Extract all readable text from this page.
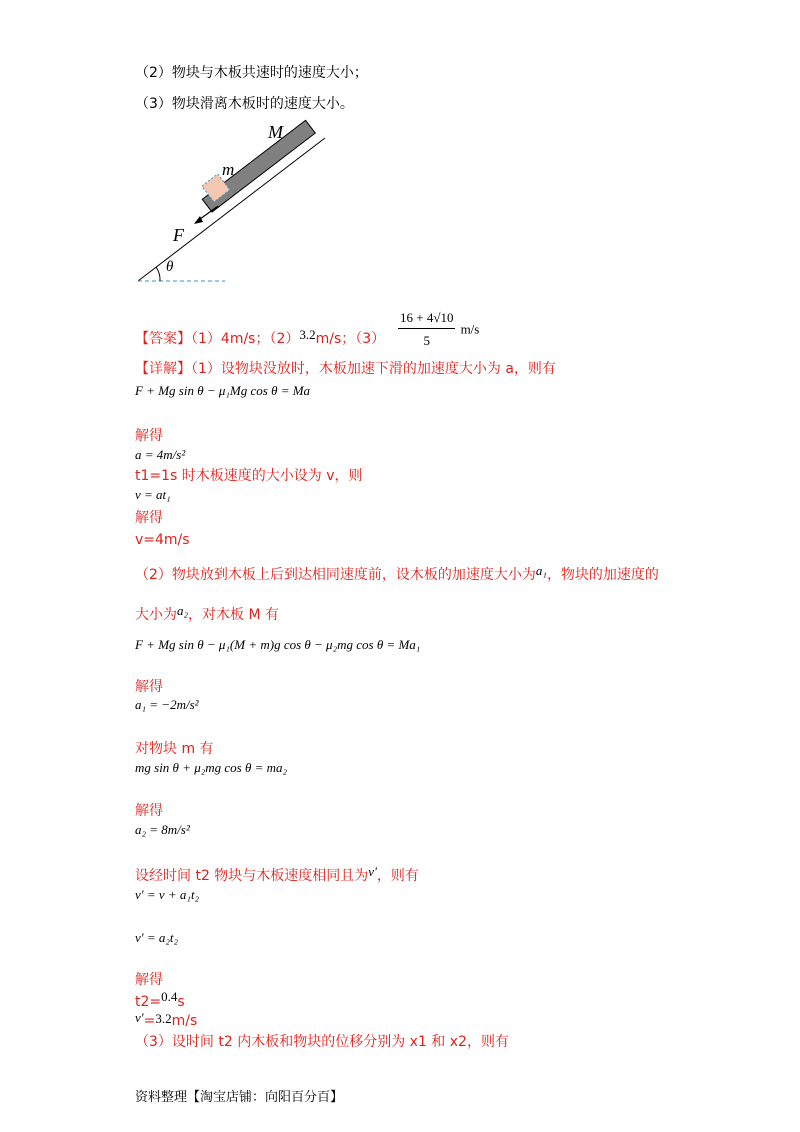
（2）物块与木板共速时的速度大小；
（3）物块滑离木板时的速度大小。
M
m
F
θ
【答案】（1）4m/s；（2）3.2m/s；$(3) \frac{16 + 4√10}{5} m/s$
【详解】（1）设物块没放时，木板加速下滑的加速度大小为 a，则有
F + Mg sin θ − μ₁Mg cos θ = Ma
解得
a = 4m/s²
t1=1s 时木板速度的大小设为 v，则
v = at₁
解得
v=4m/s
（2）物块放到木板上后到达相同速度前，设木板的加速度大小为a₁，物块的加速度的
大小为a₂，对木板 M 有
F + Mg sin θ − μ₁(M + m)g cos θ − μ₂mg cos θ = Ma₁
解得
a₁ = −2m/s²
对物块 m 有
mg sin θ + μ₂mg cos θ = ma₂
解得
a₂ = 8m/s²
设经时间 t2 物块与木板速度相同且为v′，则有
v′ = v + a₁t₂
v′ = a₂t₂
解得
t2=0.4s
v′=3.2m/s
（3）设时间 t2 内木板和物块的位移分别为 x1 和 x2，则有
资料整理【淘宝店铺：向阳百分百】
